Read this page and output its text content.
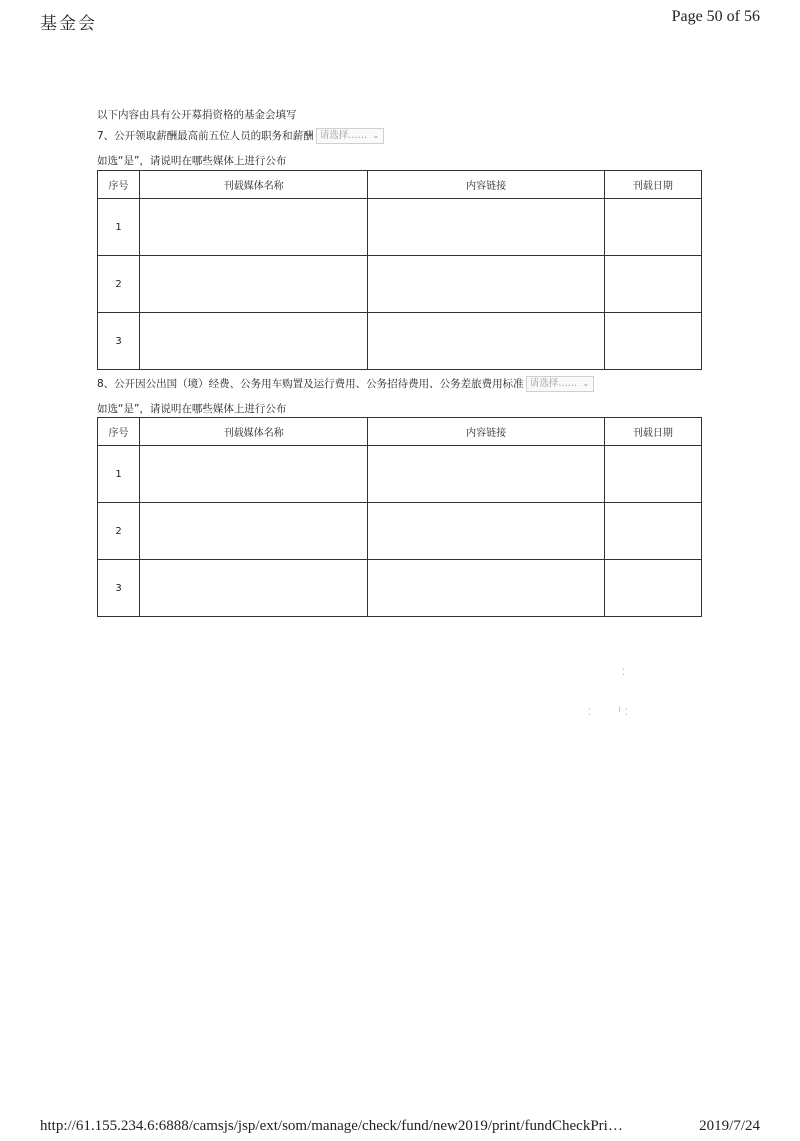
基金会	Page 50 of 56
以下内容由具有公开募捐资格的基金会填写
7、公开领取薪酬最高前五位人员的职务和薪酬 请选择…… ⌄
如选“是”，请说明在哪些媒体上进行公布
序号	刊载媒体名称	内容链接	刊载日期
1			
2			
3			
8、公开因公出国（境）经费、公务用车购置及运行费用、公务招待费用、公务差旅费用标准 请选择…… ⌄
如选“是”，请说明在哪些媒体上进行公布
序号	刊载媒体名称	内容链接	刊载日期
1			
2			
3			
⁚
⁚         ╵ ⁚
http://61.155.234.6:6888/camsjs/jsp/ext/som/manage/check/fund/new2019/print/fundCheckPri…	2019/7/24
